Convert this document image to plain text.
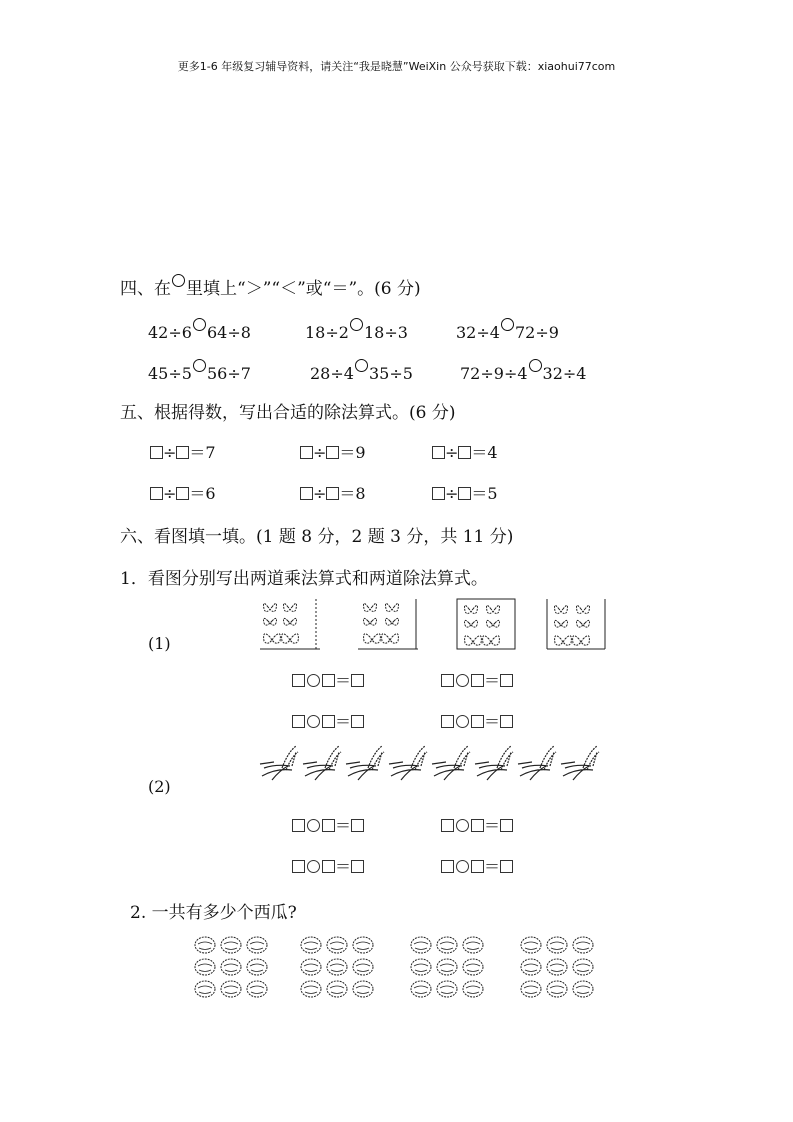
更多1-6 年级复习辅导资料，请关注“我是晓慧”WeiXin 公众号获取下载：xiaohui77com
四、在 里填上“＞”“＜”或“＝”。(6 分)
42÷6 64÷8	18÷2 18÷3	32÷4 72÷9
45÷5 56÷7	28÷4 35÷5	72÷9÷4 32÷4
五、根据得数，写出合适的除法算式。(6 分)
÷ ＝7	÷ ＝9	÷ ＝4
÷ ＝6	÷ ＝8	÷ ＝5
六、看图填一填。(1 题 8 分，2 题 3 分，共 11 分)
1．看图分别写出两道乘法算式和两道除法算式。
(1)
＝	＝
＝	＝
(2)
＝	＝
＝	＝
2. 一共有多少个西瓜?
